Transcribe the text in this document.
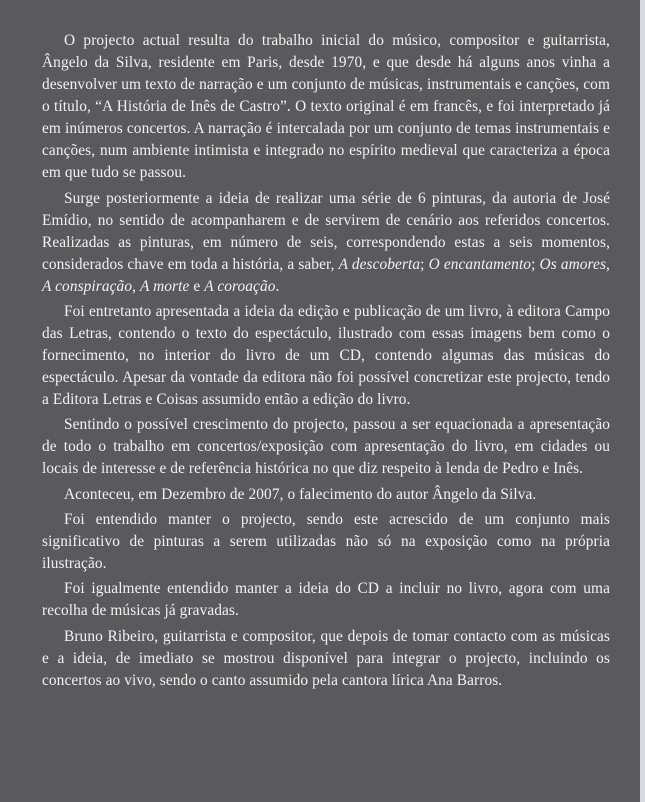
O projecto actual resulta do trabalho inicial do músico, compositor e guitarrista, Ângelo da Silva, residente em Paris, desde 1970, e que desde há alguns anos vinha a desenvolver um texto de narração e um conjunto de músicas, instrumentais e canções, com o título, “A História de Inês de Castro”. O texto original é em francês, e foi interpretado já em inúmeros concertos. A narração é intercalada por um conjunto de temas instrumentais e canções, num ambiente intimista e integrado no espírito medieval que caracteriza a época em que tudo se passou.

Surge posteriormente a ideia de realizar uma série de 6 pinturas, da autoria de José Emídio, no sentido de acompanharem e de servirem de cenário aos referidos concertos. Realizadas as pinturas, em número de seis, correspondendo estas a seis momentos, considerados chave em toda a história, a saber, A descoberta; O encantamento; Os amores, A conspiração, A morte e A coroação.

Foi entretanto apresentada a ideia da edição e publicação de um livro, à editora Campo das Letras, contendo o texto do espectáculo, ilustrado com essas imagens bem como o fornecimento, no interior do livro de um CD, contendo algumas das músicas do espectáculo. Apesar da vontade da editora não foi possível concretizar este projecto, tendo a Editora Letras e Coisas assumido então a edição do livro.

Sentindo o possível crescimento do projecto, passou a ser equacionada a apresentação de todo o trabalho em concertos/exposição com apresentação do livro, em cidades ou locais de interesse e de referência histórica no que diz respeito à lenda de Pedro e Inês.

Aconteceu, em Dezembro de 2007, o falecimento do autor Ângelo da Silva.

Foi entendido manter o projecto, sendo este acrescido de um conjunto mais significativo de pinturas a serem utilizadas não só na exposição como na própria ilustração.

Foi igualmente entendido manter a ideia do CD a incluir no livro, agora com uma recolha de músicas já gravadas.

Bruno Ribeiro, guitarrista e compositor, que depois de tomar contacto com as músicas e a ideia, de imediato se mostrou disponível para integrar o projecto, incluindo os concertos ao vivo, sendo o canto assumido pela cantora lírica Ana Barros.
